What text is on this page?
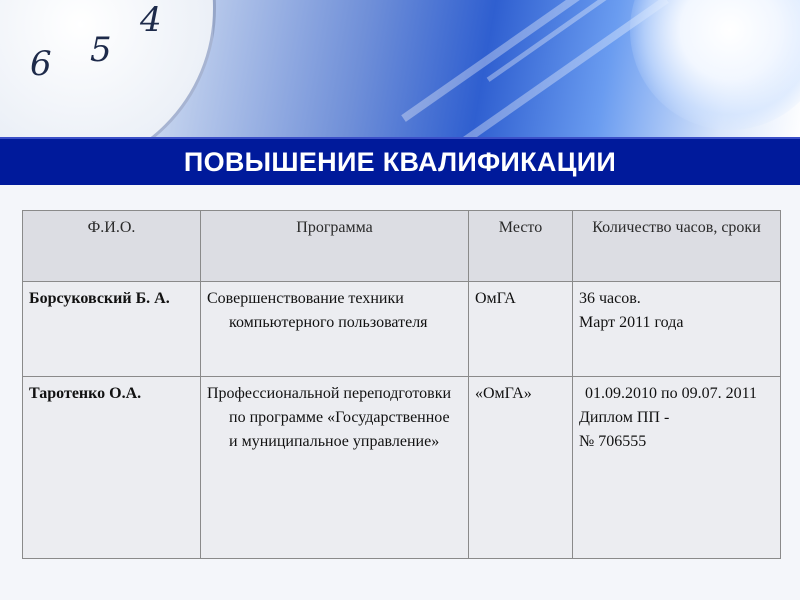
6 5
4
ПОВЫШЕНИЕ КВАЛИФИКАЦИИ
Ф.И.О.	Программа	Место	Количество часов, сроки
Борсуковский Б. А.	Совершенствование техники компьютерного пользователя	ОмГА	36 часов.
Март 2011 года

Таротенко О.А.	Профессиональной переподготовки по программе «Государственное и муниципальное управление»	«ОмГА»	01.09.2010 по 09.07. 2011
Диплом ПП -
№ 706555
